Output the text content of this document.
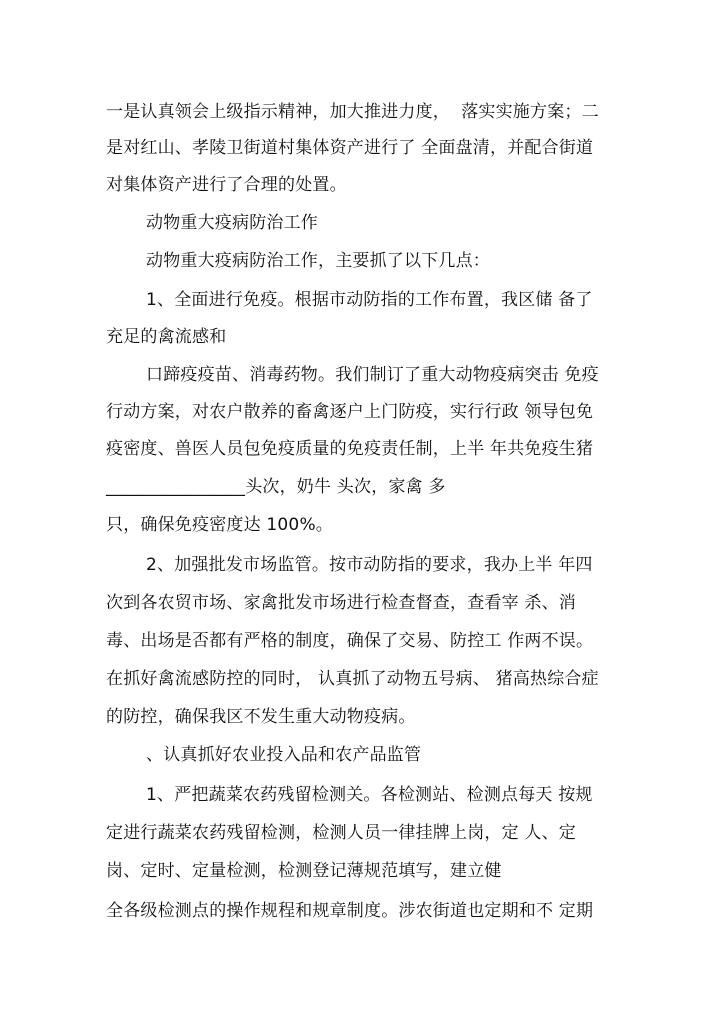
一是认真领会上级指示精神，加大推进力度，  落实实施方案；二
是对红山、孝陵卫街道村集体资产进行了 全面盘清，并配合街道
对集体资产进行了合理的处置。
动物重大疫病防治工作
动物重大疫病防治工作，主要抓了以下几点：
1、全面进行免疫。根据市动防指的工作布置，我区储 备了
充足的禽流感和
口蹄疫疫苗、消毒药物。我们制订了重大动物疫病突击 免疫
行动方案，对农户散养的畜禽逐户上门防疫，实行行政 领导包免
疫密度、兽医人员包免疫质量的免疫责任制，上半 年共免疫生猪
________________头次，奶牛 头次，家禽 多
只，确保免疫密度达 100%。
2、加强批发市场监管。按市动防指的要求，我办上半 年四
次到各农贸市场、家禽批发市场进行检查督查，查看宰 杀、消
毒、出场是否都有严格的制度，确保了交易、防控工 作两不误。
在抓好禽流感防控的同时， 认真抓了动物五号病、 猪高热综合症
的防控，确保我区不发生重大动物疫病。
、认真抓好农业投入品和农产品监管
1、严把蔬菜农药残留检测关。各检测站、检测点每天 按规
定进行蔬菜农药残留检测，检测人员一律挂牌上岗，定 人、定
岗、定时、定量检测，检测登记薄规范填写，建立健
全各级检测点的操作规程和规章制度。涉农街道也定期和不 定期
